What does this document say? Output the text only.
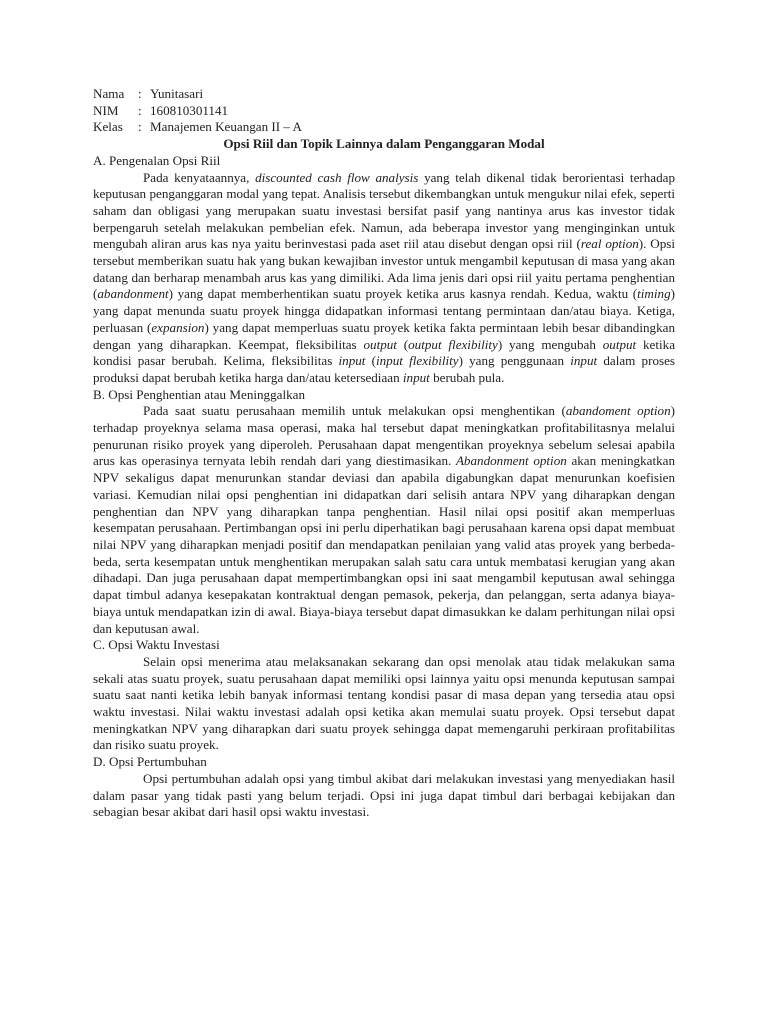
Nama	: Yunitasari
NIM	: 160810301141
Kelas	: Manajemen Keuangan II – A
Opsi Riil dan Topik Lainnya dalam Penganggaran Modal
A. Pengenalan Opsi Riil

Pada kenyataannya, discounted cash flow analysis yang telah dikenal tidak berorientasi terhadap keputusan penganggaran modal yang tepat. Analisis tersebut dikembangkan untuk mengukur nilai efek, seperti saham dan obligasi yang merupakan suatu investasi bersifat pasif yang nantinya arus kas investor tidak berpengaruh setelah melakukan pembelian efek. Namun, ada beberapa investor yang menginginkan untuk mengubah aliran arus kas nya yaitu berinvestasi pada aset riil atau disebut dengan opsi riil (real option). Opsi tersebut memberikan suatu hak yang bukan kewajiban investor untuk mengambil keputusan di masa yang akan datang dan berharap menambah arus kas yang dimiliki. Ada lima jenis dari opsi riil yaitu pertama penghentian (abandonment) yang dapat memberhentikan suatu proyek ketika arus kasnya rendah. Kedua, waktu (timing) yang dapat menunda suatu proyek hingga didapatkan informasi tentang permintaan dan/atau biaya. Ketiga, perluasan (expansion) yang dapat memperluas suatu proyek ketika fakta permintaan lebih besar dibandingkan dengan yang diharapkan. Keempat, fleksibilitas output (output flexibility) yang mengubah output ketika kondisi pasar berubah. Kelima, fleksibilitas input (input flexibility) yang penggunaan input dalam proses produksi dapat berubah ketika harga dan/atau ketersediaan input berubah pula.

B. Opsi Penghentian atau Meninggalkan

Pada saat suatu perusahaan memilih untuk melakukan opsi menghentikan (abandoment option) terhadap proyeknya selama masa operasi, maka hal tersebut dapat meningkatkan profitabilitasnya melalui penurunan risiko proyek yang diperoleh. Perusahaan dapat mengentikan proyeknya sebelum selesai apabila arus kas operasinya ternyata lebih rendah dari yang diestimasikan. Abandonment option akan meningkatkan NPV sekaligus dapat menurunkan standar deviasi dan apabila digabungkan dapat menurunkan koefisien variasi. Kemudian nilai opsi penghentian ini didapatkan dari selisih antara NPV yang diharapkan dengan penghentian dan NPV yang diharapkan tanpa penghentian. Hasil nilai opsi positif akan memperluas kesempatan perusahaan. Pertimbangan opsi ini perlu diperhatikan bagi perusahaan karena opsi dapat membuat nilai NPV yang diharapkan menjadi positif dan mendapatkan penilaian yang valid atas proyek yang berbeda-beda, serta kesempatan untuk menghentikan merupakan salah satu cara untuk membatasi kerugian yang akan dihadapi. Dan juga perusahaan dapat mempertimbangkan opsi ini saat mengambil keputusan awal sehingga dapat timbul adanya kesepakatan kontraktual dengan pemasok, pekerja, dan pelanggan, serta adanya biaya-biaya untuk mendapatkan izin di awal. Biaya-biaya tersebut dapat dimasukkan ke dalam perhitungan nilai opsi dan keputusan awal.

C. Opsi Waktu Investasi

Selain opsi menerima atau melaksanakan sekarang dan opsi menolak atau tidak melakukan sama sekali atas suatu proyek, suatu perusahaan dapat memiliki opsi lainnya yaitu opsi menunda keputusan sampai suatu saat nanti ketika lebih banyak informasi tentang kondisi pasar di masa depan yang tersedia atau opsi waktu investasi. Nilai waktu investasi adalah opsi ketika akan memulai suatu proyek. Opsi tersebut dapat meningkatkan NPV yang diharapkan dari suatu proyek sehingga dapat memengaruhi perkiraan profitabilitas dan risiko suatu proyek.

D. Opsi Pertumbuhan

Opsi pertumbuhan adalah opsi yang timbul akibat dari melakukan investasi yang menyediakan hasil dalam pasar yang tidak pasti yang belum terjadi. Opsi ini juga dapat timbul dari berbagai kebijakan dan sebagian besar akibat dari hasil opsi waktu investasi.
